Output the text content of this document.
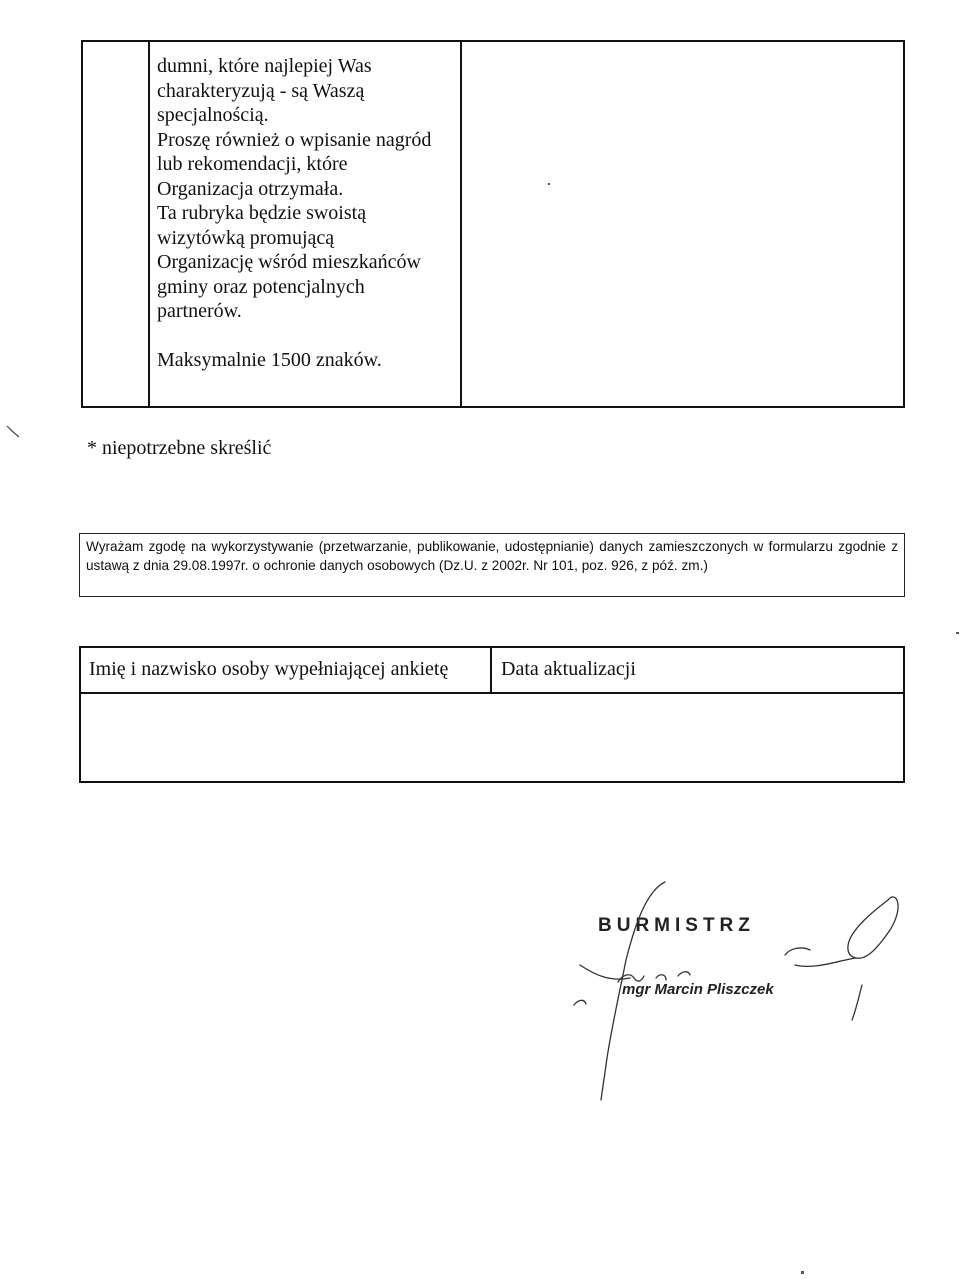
dumni, które najlepiej Was

charakteryzują - są Waszą

specjalnością.

Proszę również o wpisanie nagród

lub rekomendacji, które

Organizacja otrzymała.

Ta rubryka będzie swoistą

wizytówką promującą

Organizację wśród mieszkańców

gminy oraz potencjalnych

partnerów.

Maksymalnie 1500 znaków.

* niepotrzebne skreślić
Wyrażam zgodę na wykorzystywanie (przetwarzanie, publikowanie, udostępnianie) danych zamieszczonych w formularzu zgodnie z ustawą z dnia 29.08.1997r. o ochronie danych osobowych (Dz.U. z 2002r. Nr 101, poz. 926, z póź. zm.)
Imię i nazwisko osoby wypełniającej ankietę	Data aktualizacji
BURMISTRZ
mgr Marcin Pliszczek
